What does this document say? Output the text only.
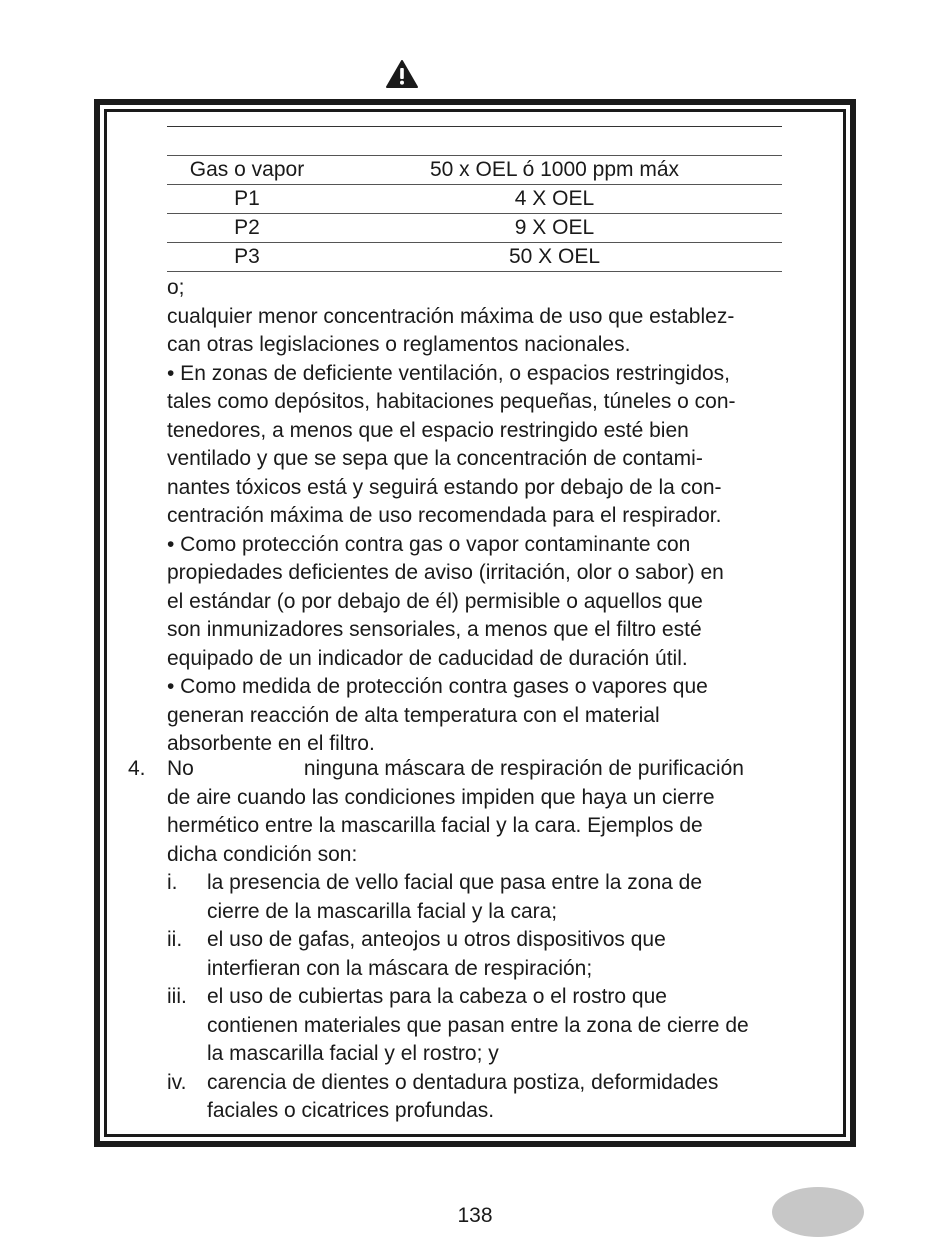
Gas o vapor	50 x OEL ó 1000 ppm máx
P1	4 X OEL
P2	9 X OEL
P3	50 X OEL

o;

cualquier menor concentración máxima de uso que establez-

can otras legislaciones o reglamentos nacionales.

• En zonas de deficiente ventilación, o espacios restringidos,

tales como depósitos, habitaciones pequeñas, túneles o con-

tenedores, a menos que el espacio restringido esté bien

ventilado y que se sepa que la concentración de contami-

nantes tóxicos está y seguirá estando por debajo de la con-

centración máxima de uso recomendada para el respirador.

• Como protección contra gas o vapor contaminante con

propiedades deficientes de aviso (irritación, olor o sabor) en

el estándar (o por debajo de él) permisible o aquellos que

son inmunizadores sensoriales, a menos que el filtro esté

equipado de un indicador de caducidad de duración útil.

• Como medida de protección contra gases o vapores que

generan reacción de alta temperatura con el material

absorbente en el filtro.

4. No	ninguna máscara de respiración de purificación

de aire cuando las condiciones impiden que haya un cierre

hermético entre la mascarilla facial y la cara. Ejemplos de

dicha condición son:

i. la presencia de vello facial que pasa entre la zona de
cierre de la mascarilla facial y la cara;
ii. el uso de gafas, anteojos u otros dispositivos que
interfieran con la máscara de respiración;
iii. el uso de cubiertas para la cabeza o el rostro que
contienen materiales que pasan entre la zona de cierre de
la mascarilla facial y el rostro; y
iv. carencia de dientes o dentadura postiza, deformidades
faciales o cicatrices profundas.
138
